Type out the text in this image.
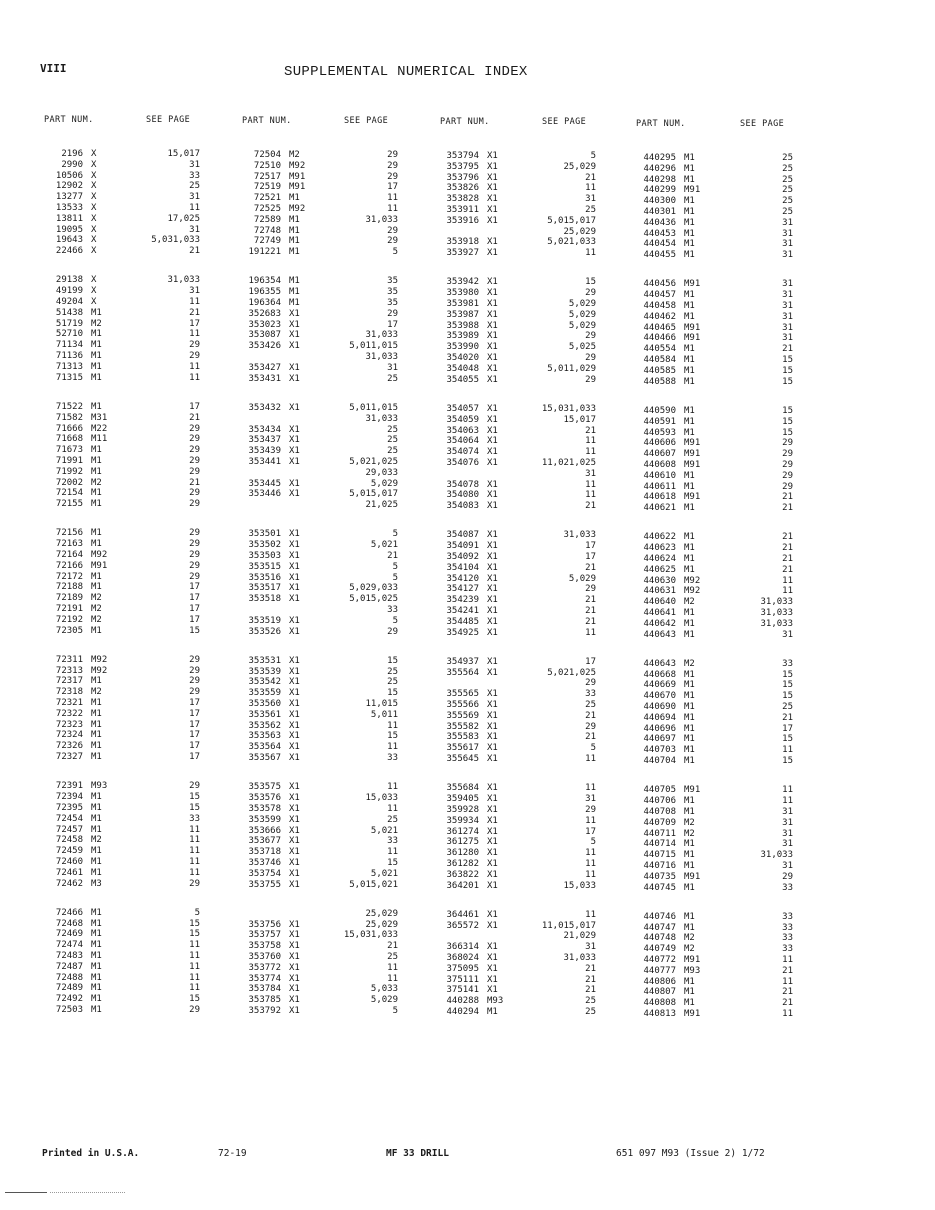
VIII	SUPPLEMENTAL NUMERICAL INDEX
PART NUM.	SEE PAGE	PART NUM.	SEE PAGE	PART NUM.	SEE PAGE	PART NUM.	SEE PAGE
2196 X	15,017
2990 X	31
10506 X	33
12902 X	25
13277 X	31
13533 X	11
13811 X	17,025
19095 X	31
19643 X	5,031,033
22466 X	21
29138 X	31,033
49199 X	31
49204 X	11
51438 M1	21
51719 M2	17
52710 M1	11
71134 M1	29
71136 M1	29
71313 M1	11
71315 M1	11
71522 M1	17
71582 M31	21
71666 M22	29
71668 M11	29
71673 M1	29
71991 M1	29
71992 M1	29
72002 M2	21
72154 M1	29
72155 M1	29
72156 M1	29
72163 M1	29
72164 M92	29
72166 M91	29
72172 M1	29
72188 M1	17
72189 M2	17
72191 M2	17
72192 M2	17
72305 M1	15
72311 M92	29
72313 M92	29
72317 M1	29
72318 M2	29
72321 M1	17
72322 M1	17
72323 M1	17
72324 M1	17
72326 M1	17
72327 M1	17
72391 M93	29
72394 M1	15
72395 M1	15
72454 M1	33
72457 M1	11
72458 M2	11
72459 M1	11
72460 M1	11
72461 M1	11
72462 M3	29
72466 M1	5
72468 M1	15
72469 M1	15
72474 M1	11
72483 M1	11
72487 M1	11
72488 M1	11
72489 M1	11
72492 M1	15
72503 M1	29
72504 M2	29
72510 M92	29
72517 M91	29
72519 M91	17
72521 M1	11
72525 M92	11
72589 M1	31,033
72748 M1	29
72749 M1	29
191221 M1	5
196354 M1	35
196355 M1	35
196364 M1	35
352683 X1	29
353023 X1	17
353087 X1	31,033
353426 X1	5,011,015
31,033
353427 X1	31
353431 X1	25
353432 X1	5,011,015
31,033
353434 X1	25
353437 X1	25
353439 X1	25
353441 X1	5,021,025
29,033
353445 X1	5,029
353446 X1	5,015,017
21,025
353501 X1	5
353502 X1	5,021
353503 X1	21
353515 X1	5
353516 X1	5
353517 X1	5,029,033
353518 X1	5,015,025
33
353519 X1	5
353526 X1	29
353531 X1	15
353539 X1	25
353542 X1	25
353559 X1	15
353560 X1	11,015
353561 X1	5,011
353562 X1	11
353563 X1	15
353564 X1	11
353567 X1	33
353575 X1	11
353576 X1	15,033
353578 X1	11
353599 X1	25
353666 X1	5,021
353677 X1	33
353718 X1	11
353746 X1	15
353754 X1	5,021
353755 X1	5,015,021
25,029
353756 X1	25,029
353757 X1	15,031,033
353758 X1	21
353760 X1	25
353772 X1	11
353774 X1	11
353784 X1	5,033
353785 X1	5,029
353792 X1	5
353794 X1	5
353795 X1	25,029
353796 X1	21
353826 X1	11
353828 X1	31
353911 X1	25
353916 X1	5,015,017
25,029
353918 X1	5,021,033
353927 X1	11
353942 X1	15
353980 X1	29
353981 X1	5,029
353987 X1	5,029
353988 X1	5,029
353989 X1	29
353990 X1	5,025
354020 X1	29
354048 X1	5,011,029
354055 X1	29
354057 X1	15,031,033
354059 X1	15,017
354063 X1	21
354064 X1	11
354074 X1	11
354076 X1	11,021,025
31
354078 X1	11
354080 X1	11
354083 X1	21
354087 X1	31,033
354091 X1	17
354092 X1	17
354104 X1	21
354120 X1	5,029
354127 X1	29
354239 X1	21
354241 X1	21
354485 X1	21
354925 X1	11
354937 X1	17
355564 X1	5,021,025
29
355565 X1	33
355566 X1	25
355569 X1	21
355582 X1	29
355583 X1	21
355617 X1	5
355645 X1	11
355684 X1	11
359405 X1	31
359928 X1	29
359934 X1	11
361274 X1	17
361275 X1	5
361280 X1	11
361282 X1	11
363822 X1	11
364201 X1	15,033
364461 X1	11
365572 X1	11,015,017
21,029
366314 X1	31
368024 X1	31,033
375095 X1	21
375111 X1	21
375141 X1	21
440288 M93	25
440294 M1	25
440295 M1	25
440296 M1	25
440298 M1	25
440299 M91	25
440300 M1	25
440301 M1	25
440436 M1	31
440453 M1	31
440454 M1	31
440455 M1	31
440456 M91	31
440457 M1	31
440458 M1	31
440462 M1	31
440465 M91	31
440466 M91	31
440554 M1	21
440584 M1	15
440585 M1	15
440588 M1	15
440590 M1	15
440591 M1	15
440593 M1	15
440606 M91	29
440607 M91	29
440608 M91	29
440610 M1	29
440611 M1	29
440618 M91	21
440621 M1	21
440622 M1	21
440623 M1	21
440624 M1	21
440625 M1	21
440630 M92	11
440631 M92	11
440640 M2	31,033
440641 M1	31,033
440642 M1	31,033
440643 M1	31
440643 M2	33
440668 M1	15
440669 M1	15
440670 M1	15
440690 M1	25
440694 M1	21
440696 M1	17
440697 M1	15
440703 M1	11
440704 M1	15
440705 M91	11
440706 M1	11
440708 M1	31
440709 M2	31
440711 M2	31
440714 M1	31
440715 M1	31,033
440716 M1	31
440735 M91	29
440745 M1	33
440746 M1	33
440747 M1	33
440748 M2	33
440749 M2	33
440772 M91	11
440777 M93	21
440806 M1	11
440807 M1	21
440808 M1	21
440813 M91	11
Printed in U.S.A.	72-19	MF 33 DRILL	651 097 M93 (Issue 2) 1/72
